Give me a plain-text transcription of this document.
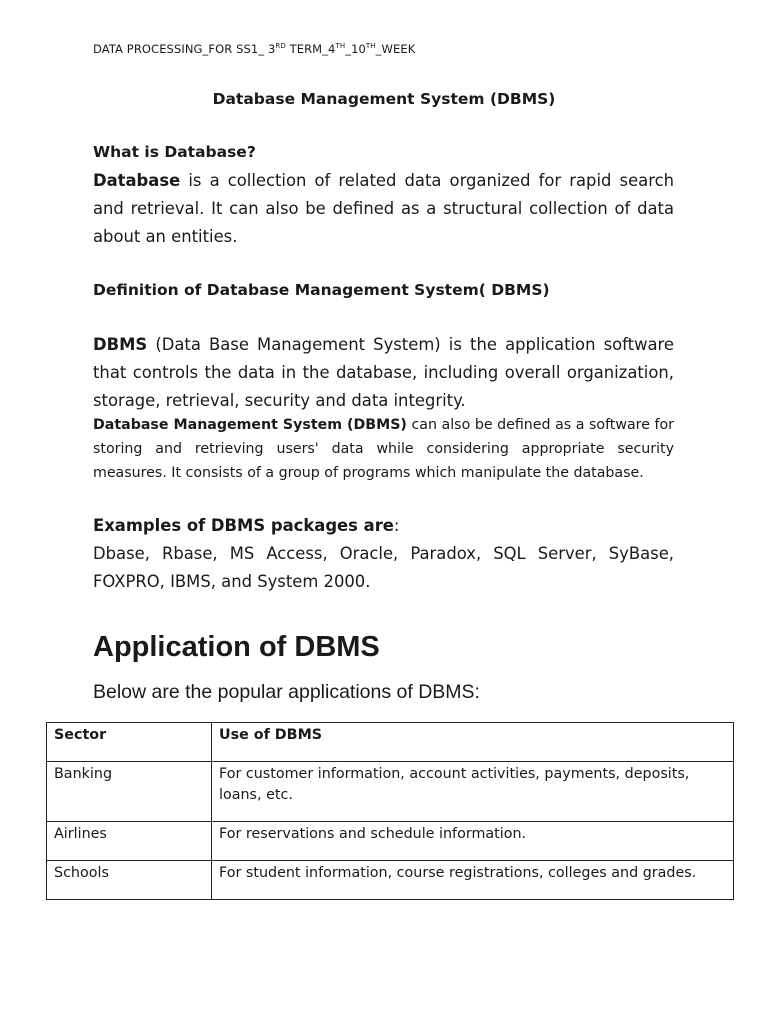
DATA PROCESSING_FOR SS1_ 3RD TERM_4TH_10TH_WEEK
Database Management System (DBMS)
What is Database?
Database is a collection of related data organized for rapid search and retrieval. It can also be defined as a structural collection of data about an entities.
Definition of Database Management System( DBMS)
DBMS (Data Base Management System) is the application software that controls the data in the database, including overall organization, storage, retrieval, security and data integrity.
Database Management System (DBMS) can also be defined as a software for storing and retrieving users' data while considering appropriate security measures. It consists of a group of programs which manipulate the database.
Examples of DBMS packages are:
Dbase, Rbase, MS Access, Oracle, Paradox, SQL Server, SyBase, FOXPRO, IBMS, and System 2000.
Application of DBMS
Below are the popular applications of DBMS:
Sector	Use of DBMS
Banking	For customer information, account activities, payments, deposits, loans, etc.
Airlines	For reservations and schedule information.
Schools	For student information, course registrations, colleges and grades.
